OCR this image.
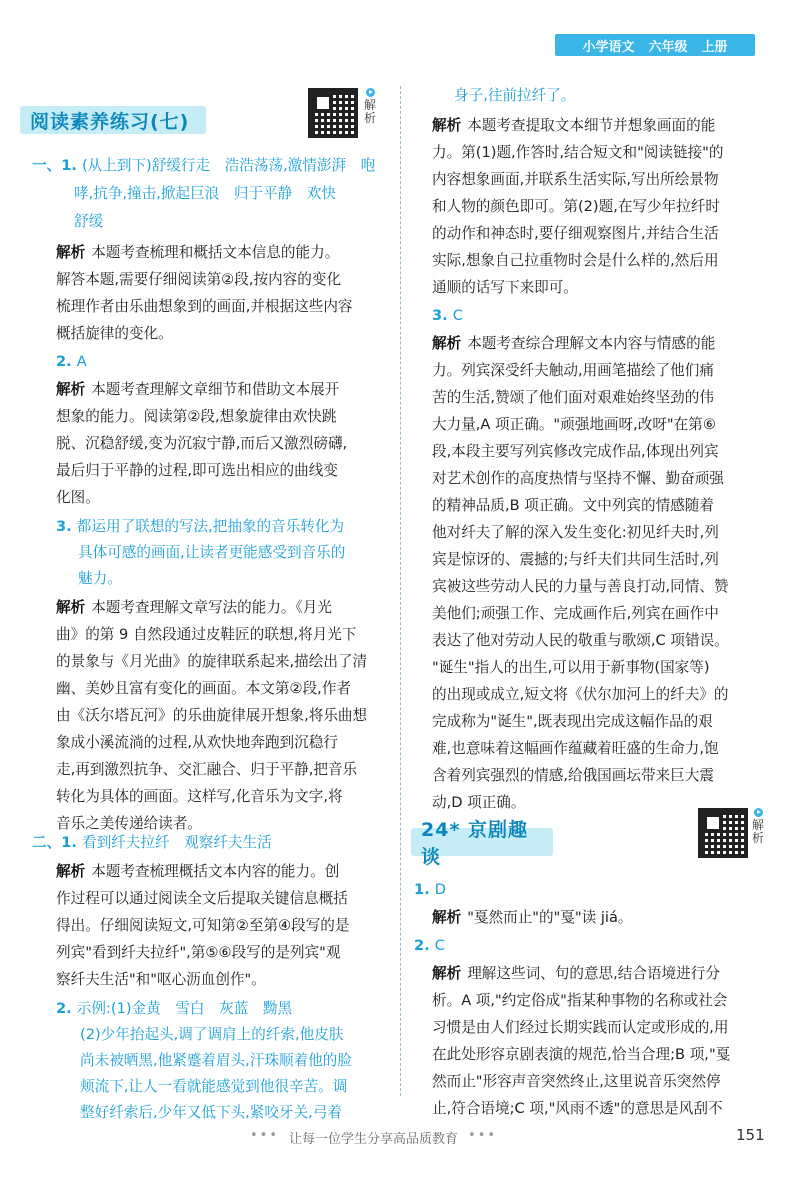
小学语文 六年级 上册
阅读素养练习(七)
解析
一、1. (从上到下)舒缓行走　浩浩荡荡,激情澎湃　咆
哮,抗争,撞击,掀起巨浪　归于平静　欢快
舒缓
解析 本题考查梳理和概括文本信息的能力。
解答本题,需要仔细阅读第②段,按内容的变化
梳理作者由乐曲想象到的画面,并根据这些内容
概括旋律的变化。
2. A
解析 本题考查理解文章细节和借助文本展开
想象的能力。阅读第②段,想象旋律由欢快跳
脱、沉稳舒缓,变为沉寂宁静,而后又激烈磅礴,
最后归于平静的过程,即可选出相应的曲线变
化图。
3. 都运用了联想的写法,把抽象的音乐转化为
具体可感的画面,让读者更能感受到音乐的
魅力。
解析 本题考查理解文章写法的能力。《月光
曲》的第 9 自然段通过皮鞋匠的联想,将月光下
的景象与《月光曲》的旋律联系起来,描绘出了清
幽、美妙且富有变化的画面。本文第②段,作者
由《沃尔塔瓦河》的乐曲旋律展开想象,将乐曲想
象成小溪流淌的过程,从欢快地奔跑到沉稳行
走,再到激烈抗争、交汇融合、归于平静,把音乐
转化为具体的画面。这样写,化音乐为文字,将
音乐之美传递给读者。
二、1. 看到纤夫拉纤　观察纤夫生活
解析 本题考查梳理概括文本内容的能力。创
作过程可以通过阅读全文后提取关键信息概括
得出。仔细阅读短文,可知第②至第④段写的是
列宾"看到纤夫拉纤",第⑤⑥段写的是列宾"观
察纤夫生活"和"呕心沥血创作"。
2. 示例:(1)金黄　雪白　灰蓝　黝黑
(2)少年抬起头,调了调肩上的纤索,他皮肤
尚未被晒黑,他紧蹙着眉头,汗珠顺着他的脸
颊流下,让人一看就能感觉到他很辛苦。调
整好纤索后,少年又低下头,紧咬牙关,弓着
身子,往前拉纤了。
解析 本题考查提取文本细节并想象画面的能
力。第(1)题,作答时,结合短文和"阅读链接"的
内容想象画面,并联系生活实际,写出所绘景物
和人物的颜色即可。第(2)题,在写少年拉纤时
的动作和神态时,要仔细观察图片,并结合生活
实际,想象自己拉重物时会是什么样的,然后用
通顺的话写下来即可。
3. C
解析 本题考查综合理解文本内容与情感的能
力。列宾深受纤夫触动,用画笔描绘了他们痛
苦的生活,赞颂了他们面对艰难始终坚劲的伟
大力量,A 项正确。"顽强地画呀,改呀"在第⑥
段,本段主要写列宾修改完成作品,体现出列宾
对艺术创作的高度热情与坚持不懈、勤奋顽强
的精神品质,B 项正确。文中列宾的情感随着
他对纤夫了解的深入发生变化:初见纤夫时,列
宾是惊讶的、震撼的;与纤夫们共同生活时,列
宾被这些劳动人民的力量与善良打动,同情、赞
美他们;顽强工作、完成画作后,列宾在画作中
表达了他对劳动人民的敬重与歌颂,C 项错误。
"诞生"指人的出生,可以用于新事物(国家等)
的出现或成立,短文将《伏尔加河上的纤夫》的
完成称为"诞生",既表现出完成这幅作品的艰
难,也意味着这幅画作蕴藏着旺盛的生命力,饱
含着列宾强烈的情感,给俄国画坛带来巨大震
动,D 项正确。
1. D
解析 "戛然而止"的"戛"读 jiá。
2. C
解析 理解这些词、句的意思,结合语境进行分
析。A 项,"约定俗成"指某种事物的名称或社会
习惯是由人们经过长期实践而认定或形成的,用
在此处形容京剧表演的规范,恰当合理;B 项,"戛
然而止"形容声音突然终止,这里说音乐突然停
止,符合语境;C 项,"风雨不透"的意思是风刮不
24* 京剧趣谈
解析
••• 让每一位学生分享高品质教育 •••	151
